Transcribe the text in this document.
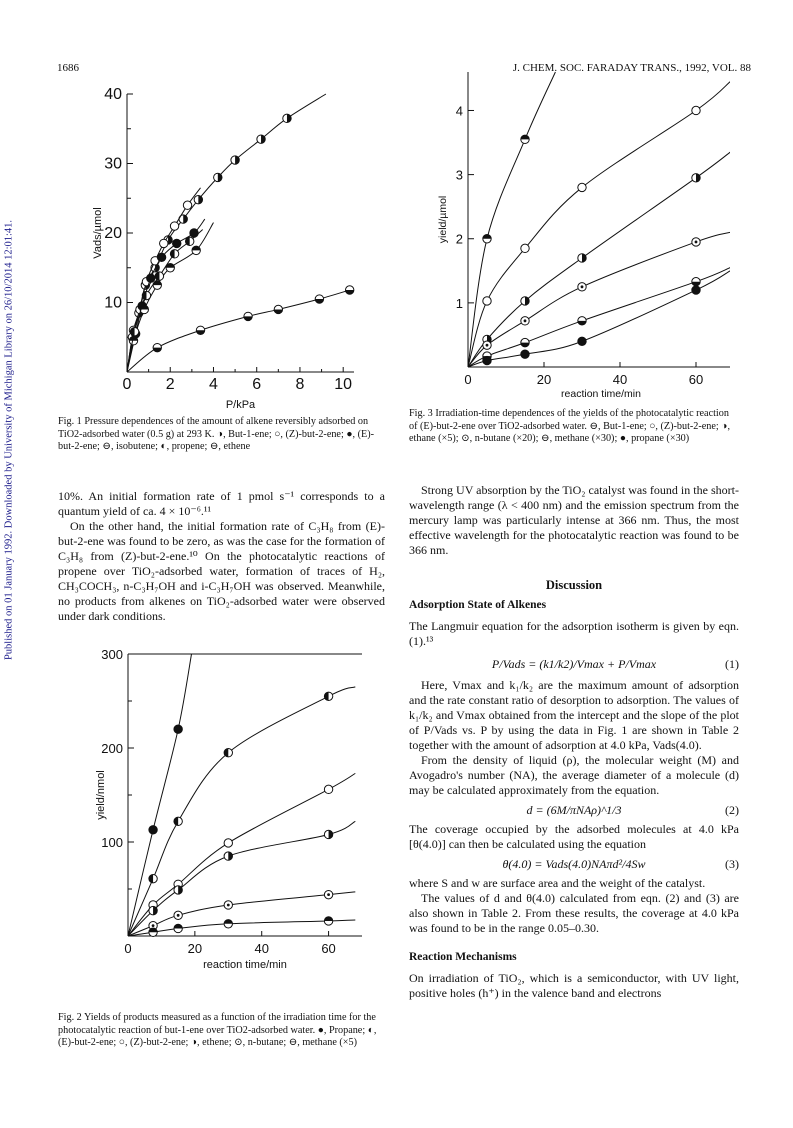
1686	J. CHEM. SOC. FARADAY TRANS., 1992, VOL. 88
Published on 01 January 1992. Downloaded by University of Michigan Library on 26/10/2014 12:01:41.	0 2 4 6 8 10
10
20
30
40
P/kPa
Vads/µmol
Fig. 1 Pressure dependences of the amount of alkene reversibly adsorbed on TiO2-adsorbed water (0.5 g) at 293 K. ◑, But-1-ene; ○, (Z)-but-2-ene; ●, (E)-but-2-ene; ⊖, isobutene; ◐, propene; ⊖, ethene
0	20	40	60
100
200
300
reaction time/min
yield/nmol
Fig. 2 Yields of products measured as a function of the irradiation time for the photocatalytic reaction of but-1-ene over TiO2-adsorbed water. ●, Propane; ◐, (E)-but-2-ene; ○, (Z)-but-2-ene; ◑, ethene; ⊙, n-butane; ⊖, methane (×5)
0	20	40	60
1
2
3
4
reaction time/min
yield/µmol
Fig. 3 Irradiation-time dependences of the yields of the photocatalytic reaction of (E)-but-2-ene over TiO2-adsorbed water. ⊖, But-1-ene; ○, (Z)-but-2-ene; ◑, ethane (×5); ⊙, n-butane (×20); ⊖, methane (×30); ●, propane (×30)
10%. An initial formation rate of 1 pmol s⁻¹ corresponds to a quantum yield of ca. 4 × 10⁻⁶.¹¹
On the other hand, the initial formation rate of C₃H₈ from (E)-but-2-ene was found to be zero, as was the case for the formation of C₃H₈ from (Z)-but-2-ene.¹⁰ On the photocatalytic reactions of propene over TiO₂-adsorbed water, formation of traces of H₂, CH₃COCH₃, n-C₃H₇OH and i-C₃H₇OH was observed. Meanwhile, no products from alkenes on TiO₂-adsorbed water were observed under dark conditions.
Strong UV absorption by the TiO₂ catalyst was found in the short-wavelength range (λ < 400 nm) and the emission spectrum from the mercury lamp was particularly intense at 366 nm. Thus, the most effective wavelength for the photocatalytic reaction was found to be 366 nm.
Discussion
Adsorption State of Alkenes
The Langmuir equation for the adsorption isotherm is given by eqn. (1).¹³
P/Vads = (k1/k2)/Vmax + P/Vmax	(1)
Here, Vmax and k₁/k₂ are the maximum amount of adsorption and the rate constant ratio of desorption to adsorption. The values of k₁/k₂ and Vmax obtained from the intercept and the slope of the plot of P/Vads vs. P by using the data in Fig. 1 are shown in Table 2 together with the amount of adsorption at 4.0 kPa, Vads(4.0).
From the density of liquid (ρ), the molecular weight (M) and Avogadro's number (NA), the average diameter of a molecule (d) may be calculated approximately from the equation.
d = (6M/πNAρ)^1/3	(2)
The coverage occupied by the adsorbed molecules at 4.0 kPa [θ(4.0)] can then be calculated using the equation
θ(4.0) = Vads(4.0)NAπd²/4Sw	(3)
where S and w are surface area and the weight of the catalyst.
The values of d and θ(4.0) calculated from eqn. (2) and (3) are also shown in Table 2. From these results, the coverage at 4.0 kPa was found to be in the range 0.05–0.30.
Reaction Mechanisms
On irradiation of TiO₂, which is a semiconductor, with UV light, positive holes (h⁺) in the valence band and electrons
